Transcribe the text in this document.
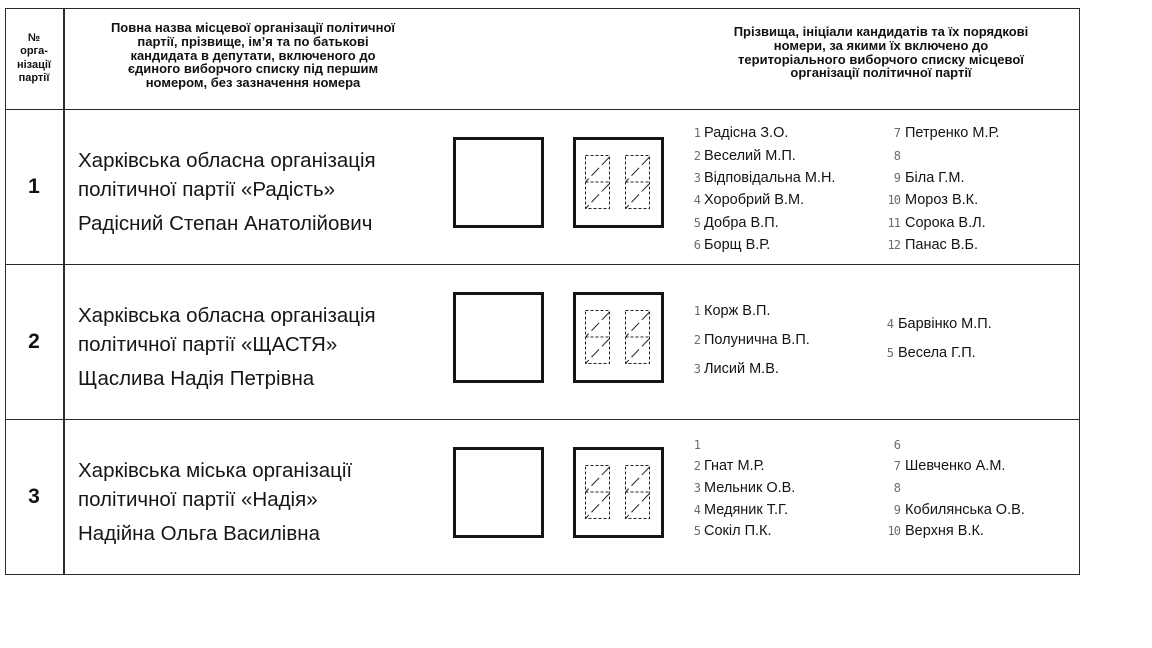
№
орга-
нізації
партії
Повна назва місцевої організації політичної
партії, прізвище, ім’я та по батькові
кандидата в депутати, включеного до
єдиного виборчого списку під першим
номером, без зазначення номера
Прізвища, ініціали кандидатів та їх порядкові
номери, за якими їх включено до
територіального виборчого списку місцевої
організації політичної партії
1
Харківська обласна організація
політичної партії «Радість»
Радісний Степан Анатолійович
1 Радісна З.О.
2 Веселий М.П.
3 Відповідальна М.Н.
4 Хоробрий В.М.
5 Добра В.П.
6 Борщ В.Р.
7 Петренко М.Р.
8
9 Біла Г.М.
10 Мороз В.К.
11 Сорока В.Л.
12 Панас В.Б.
2
Харківська обласна організація
політичної партії «ЩАСТЯ»
Щаслива Надія Петрівна
1 Корж В.П.
2 Полунична В.П.
3 Лисий М.В.
4 Барвінко М.П.
5 Весела Г.П.
3
Харківська міська організації
політичної партії «Надія»
Надійна Ольга Василівна
1
2 Гнат М.Р.
3 Мельник О.В.
4 Медяник Т.Г.
5 Сокіл П.К.
6
7 Шевченко А.М.
8
9 Кобилянська О.В.
10 Верхня В.К.
